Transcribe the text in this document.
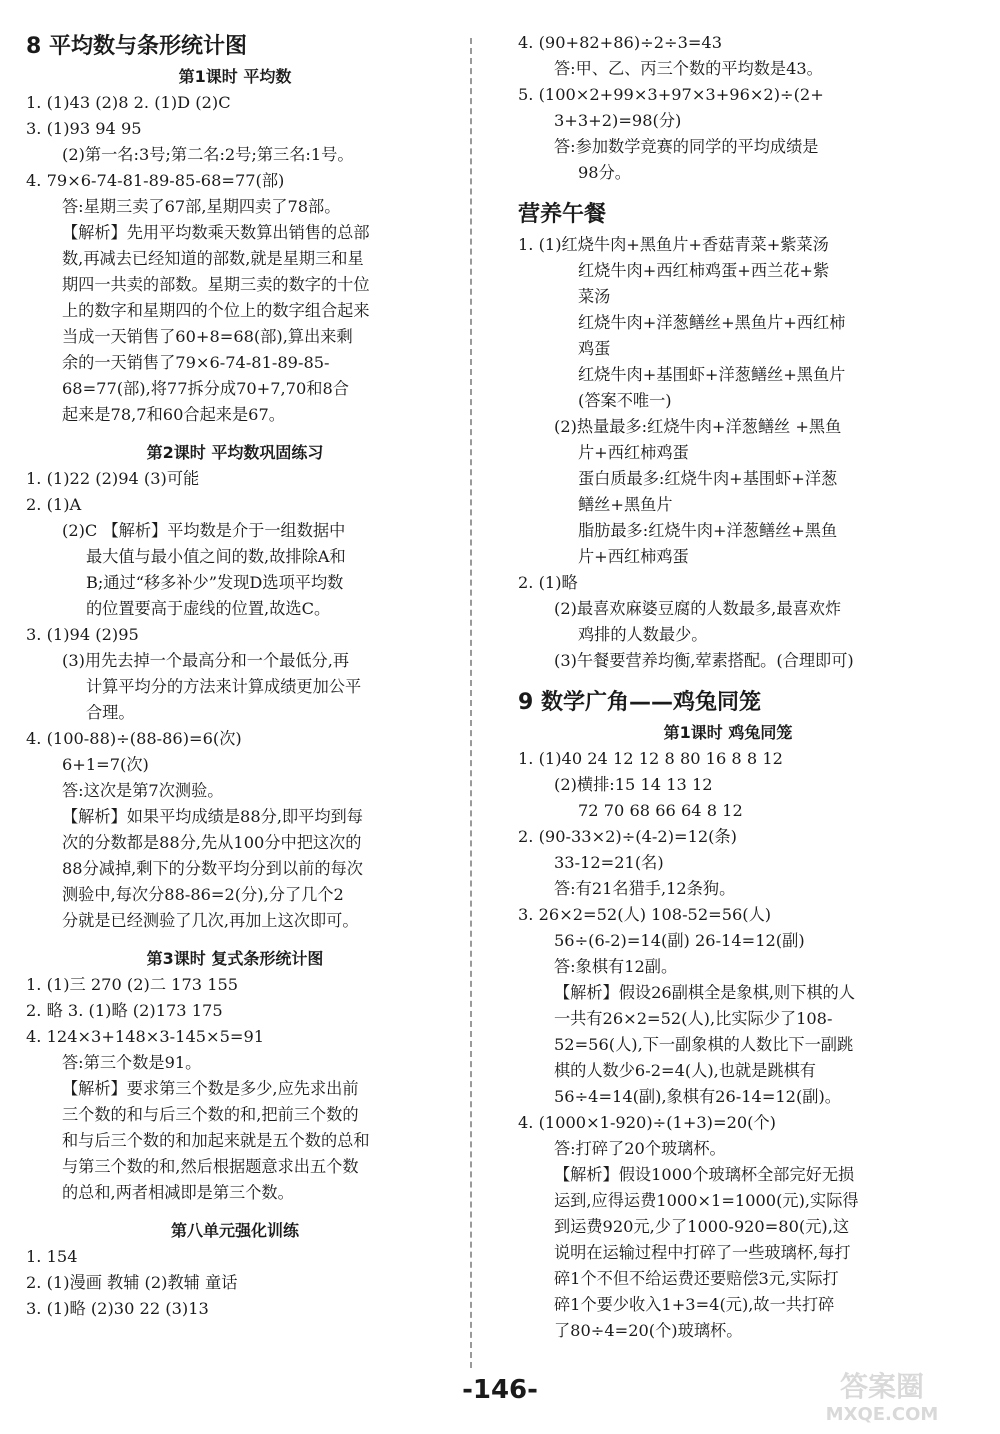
8 平均数与条形统计图
第1课时 平均数
1. (1)43 (2)8 2. (1)D (2)C
3. (1)93 94 95
(2)第一名:3号;第二名:2号;第三名:1号。
4. 79×6-74-81-89-85-68=77(部)
答:星期三卖了67部,星期四卖了78部。
【解析】先用平均数乘天数算出销售的总部
数,再减去已经知道的部数,就是星期三和星
期四一共卖的部数。星期三卖的数字的十位
上的数字和星期四的个位上的数字组合起来
当成一天销售了60+8=68(部),算出来剩
余的一天销售了79×6-74-81-89-85-
68=77(部),将77拆分成70+7,70和8合
起来是78,7和60合起来是67。
第2课时 平均数巩固练习
1. (1)22 (2)94 (3)可能
2. (1)A
(2)C 【解析】平均数是介于一组数据中
最大值与最小值之间的数,故排除A和
B;通过“移多补少”发现D选项平均数
的位置要高于虚线的位置,故选C。
3. (1)94 (2)95
(3)用先去掉一个最高分和一个最低分,再
计算平均分的方法来计算成绩更加公平
合理。
4. (100-88)÷(88-86)=6(次)
6+1=7(次)
答:这次是第7次测验。
【解析】如果平均成绩是88分,即平均到每
次的分数都是88分,先从100分中把这次的
88分减掉,剩下的分数平均分到以前的每次
测验中,每次分88-86=2(分),分了几个2
分就是已经测验了几次,再加上这次即可。
第3课时 复式条形统计图
1. (1)三 270 (2)二 173 155
2. 略 3. (1)略 (2)173 175
4. 124×3+148×3-145×5=91
答:第三个数是91。
【解析】要求第三个数是多少,应先求出前
三个数的和与后三个数的和,把前三个数的
和与后三个数的和加起来就是五个数的总和
与第三个数的和,然后根据题意求出五个数
的总和,两者相减即是第三个数。
第八单元强化训练
1. 154
2. (1)漫画 教辅 (2)教辅 童话
3. (1)略 (2)30 22 (3)13
4. (90+82+86)÷2÷3=43
答:甲、乙、丙三个数的平均数是43。
5. (100×2+99×3+97×3+96×2)÷(2+
3+3+2)=98(分)
答:参加数学竞赛的同学的平均成绩是
98分。
营养午餐
1. (1)红烧牛肉+黑鱼片+香菇青菜+紫菜汤
红烧牛肉+西红柿鸡蛋+西兰花+紫
菜汤
红烧牛肉+洋葱鳝丝+黑鱼片+西红柿
鸡蛋
红烧牛肉+基围虾+洋葱鳝丝+黑鱼片
(答案不唯一)
(2)热量最多:红烧牛肉+洋葱鳝丝 +黑鱼
片+西红柿鸡蛋
蛋白质最多:红烧牛肉+基围虾+洋葱
鳝丝+黑鱼片
脂肪最多:红烧牛肉+洋葱鳝丝+黑鱼
片+西红柿鸡蛋
2. (1)略
(2)最喜欢麻婆豆腐的人数最多,最喜欢炸
鸡排的人数最少。
(3)午餐要营养均衡,荤素搭配。(合理即可)
9 数学广角——鸡兔同笼
第1课时 鸡兔同笼
1. (1)40 24 12 12 8 80 16 8 8 12
(2)横排:15 14 13 12
72 70 68 66 64 8 12
2. (90-33×2)÷(4-2)=12(条)
33-12=21(名)
答:有21名猎手,12条狗。
3. 26×2=52(人) 108-52=56(人)
56÷(6-2)=14(副) 26-14=12(副)
答:象棋有12副。
【解析】假设26副棋全是象棋,则下棋的人
一共有26×2=52(人),比实际少了108-
52=56(人),下一副象棋的人数比下一副跳
棋的人数少6-2=4(人),也就是跳棋有
56÷4=14(副),象棋有26-14=12(副)。
4. (1000×1-920)÷(1+3)=20(个)
答:打碎了20个玻璃杯。
【解析】假设1000个玻璃杯全部完好无损
运到,应得运费1000×1=1000(元),实际得
到运费920元,少了1000-920=80(元),这
说明在运输过程中打碎了一些玻璃杯,每打
碎1个不但不给运费还要赔偿3元,实际打
碎1个要少收入1+3=4(元),故一共打碎
了80÷4=20(个)玻璃杯。
-146-	答案圈
MXQE.COM
